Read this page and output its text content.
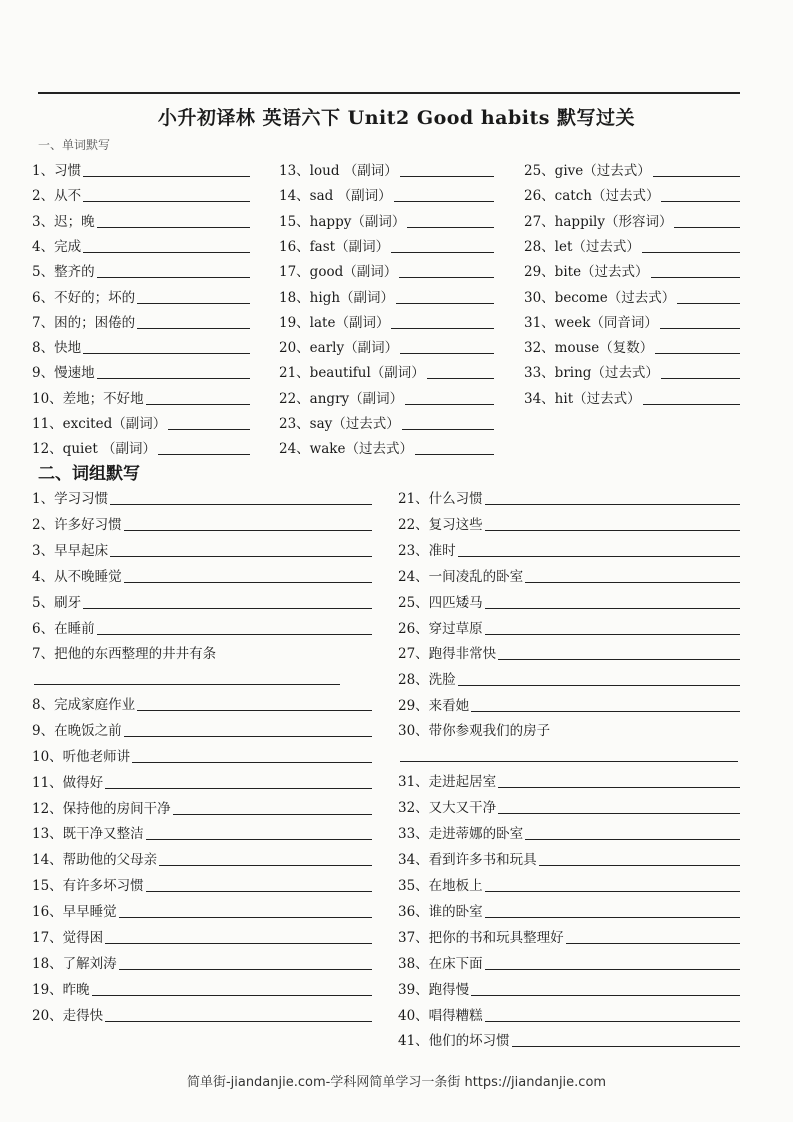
小升初译林 英语六下 Unit2 Good habits 默写过关
一、单词默写
1、习惯
2、从不
3、迟；晚
4、完成
5、整齐的
6、不好的；坏的
7、困的；困倦的
8、快地
9、慢速地
10、差地；不好地
11、excited（副词）
12、quiet （副词）
13、loud （副词）
14、sad （副词）
15、happy（副词）
16、fast（副词）
17、good（副词）
18、high（副词）
19、late（副词）
20、early（副词）
21、beautiful（副词）
22、angry（副词）
23、say（过去式）
24、wake（过去式）
25、give（过去式）
26、catch（过去式）
27、happily（形容词）
28、let（过去式）
29、bite（过去式）
30、become（过去式）
31、week（同音词）
32、mouse（复数）
33、bring（过去式）
34、hit（过去式）
二、词组默写
1、学习习惯
2、许多好习惯
3、早早起床
4、从不晚睡觉
5、刷牙
6、在睡前
7、把他的东西整理的井井有条
8、完成家庭作业
9、在晚饭之前
10、听他老师讲
11、做得好
12、保持他的房间干净
13、既干净又整洁
14、帮助他的父母亲
15、有许多坏习惯
16、早早睡觉
17、觉得困
18、了解刘涛
19、昨晚
20、走得快
21、什么习惯
22、复习这些
23、准时
24、一间凌乱的卧室
25、四匹矮马
26、穿过草原
27、跑得非常快
28、洗脸
29、来看她
30、带你参观我们的房子
31、走进起居室
32、又大又干净
33、走进蒂娜的卧室
34、看到许多书和玩具
35、在地板上
36、谁的卧室
37、把你的书和玩具整理好
38、在床下面
39、跑得慢
40、唱得糟糕
41、他们的坏习惯
简单街-jiandanjie.com-学科网简单学习一条街 https://jiandanjie.com
